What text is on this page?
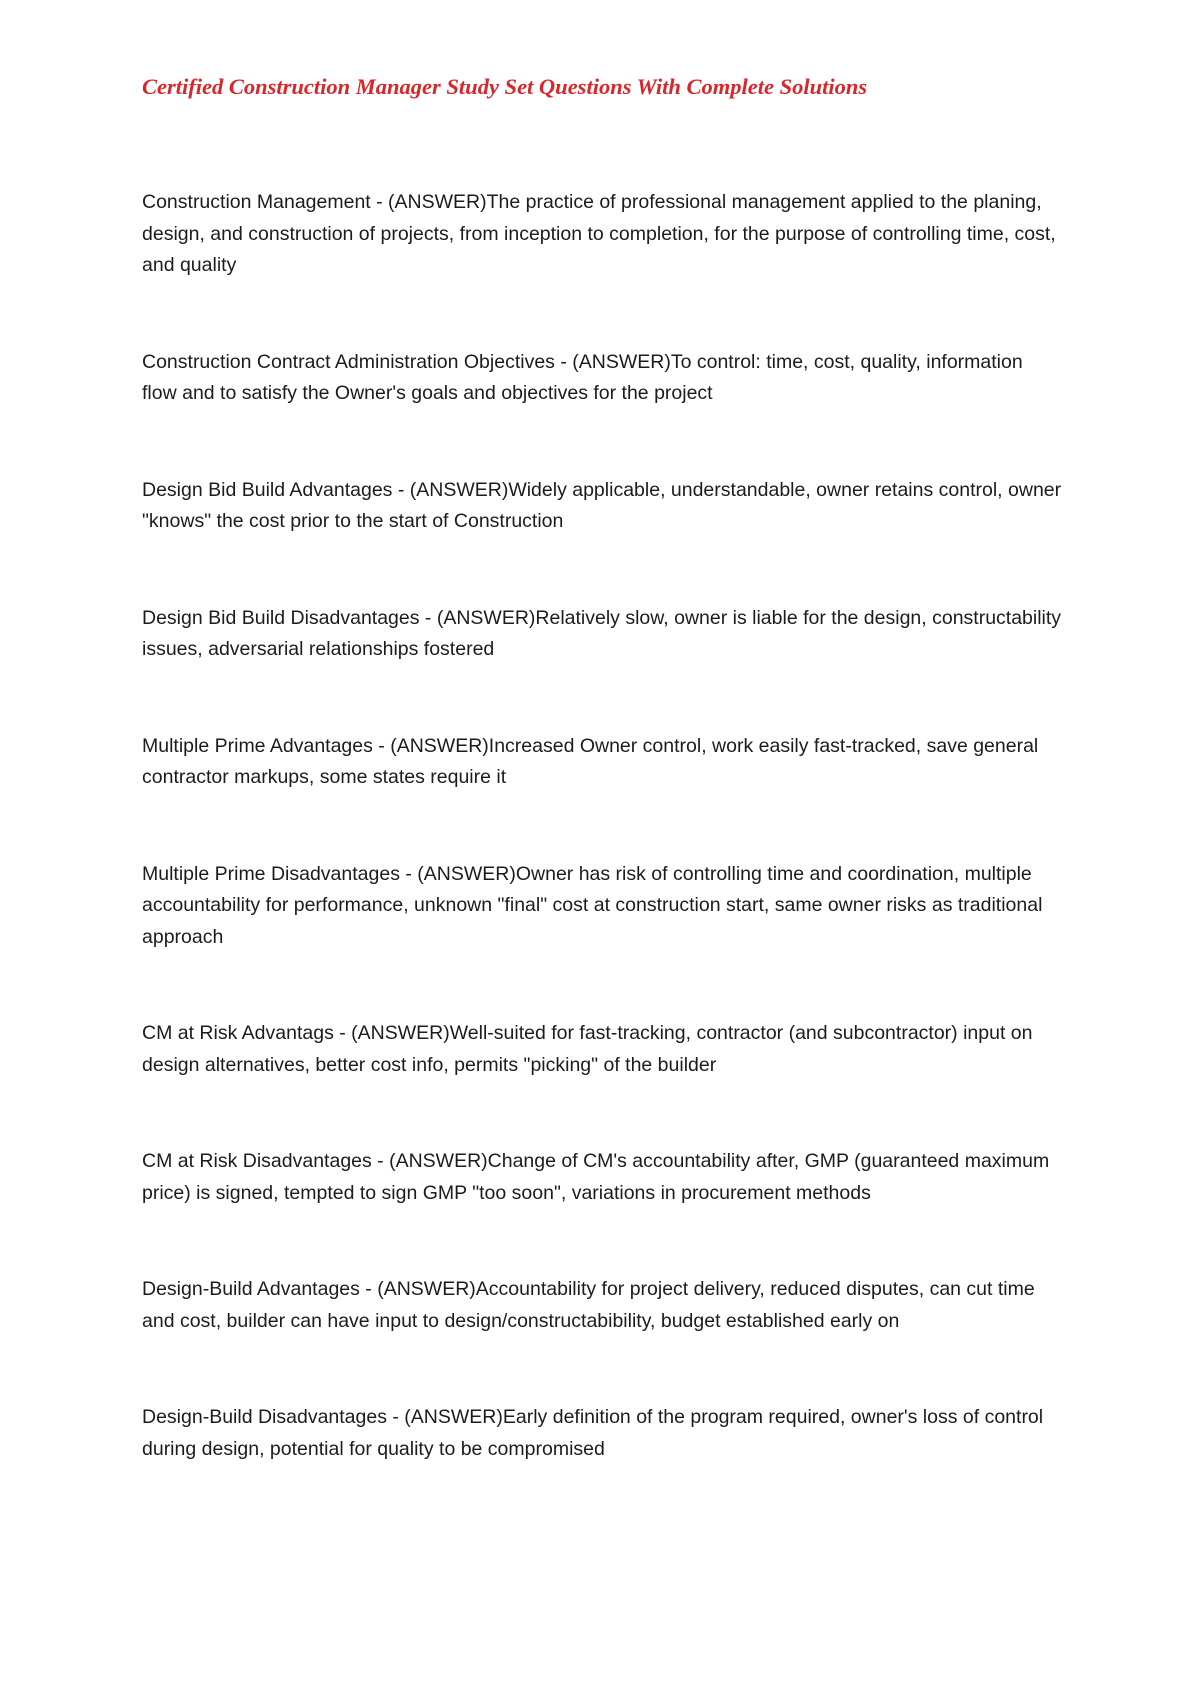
Certified Construction Manager Study Set Questions With Complete Solutions
Construction Management - (ANSWER)The practice of professional management applied to the planing, design, and construction of projects, from inception to completion, for the purpose of controlling time, cost, and quality
Construction Contract Administration Objectives - (ANSWER)To control: time, cost, quality, information flow and to satisfy the Owner's goals and objectives for the project
Design Bid Build Advantages - (ANSWER)Widely applicable, understandable, owner retains control, owner "knows" the cost prior to the start of Construction
Design Bid Build Disadvantages - (ANSWER)Relatively slow, owner is liable for the design, constructability issues, adversarial relationships fostered
Multiple Prime Advantages - (ANSWER)Increased Owner control, work easily fast-tracked, save general contractor markups, some states require it
Multiple Prime Disadvantages - (ANSWER)Owner has risk of controlling time and coordination, multiple accountability for performance, unknown "final" cost at construction start, same owner risks as traditional approach
CM at Risk Advantags - (ANSWER)Well-suited for fast-tracking, contractor (and subcontractor) input on design alternatives, better cost info, permits "picking" of the builder
CM at Risk Disadvantages - (ANSWER)Change of CM's accountability after, GMP (guaranteed maximum price) is signed, tempted to sign GMP "too soon", variations in procurement methods
Design-Build Advantages - (ANSWER)Accountability for project delivery, reduced disputes, can cut time and cost, builder can have input to design/constructabibility, budget established early on
Design-Build Disadvantages - (ANSWER)Early definition of the program required, owner's loss of control during design, potential for quality to be compromised
